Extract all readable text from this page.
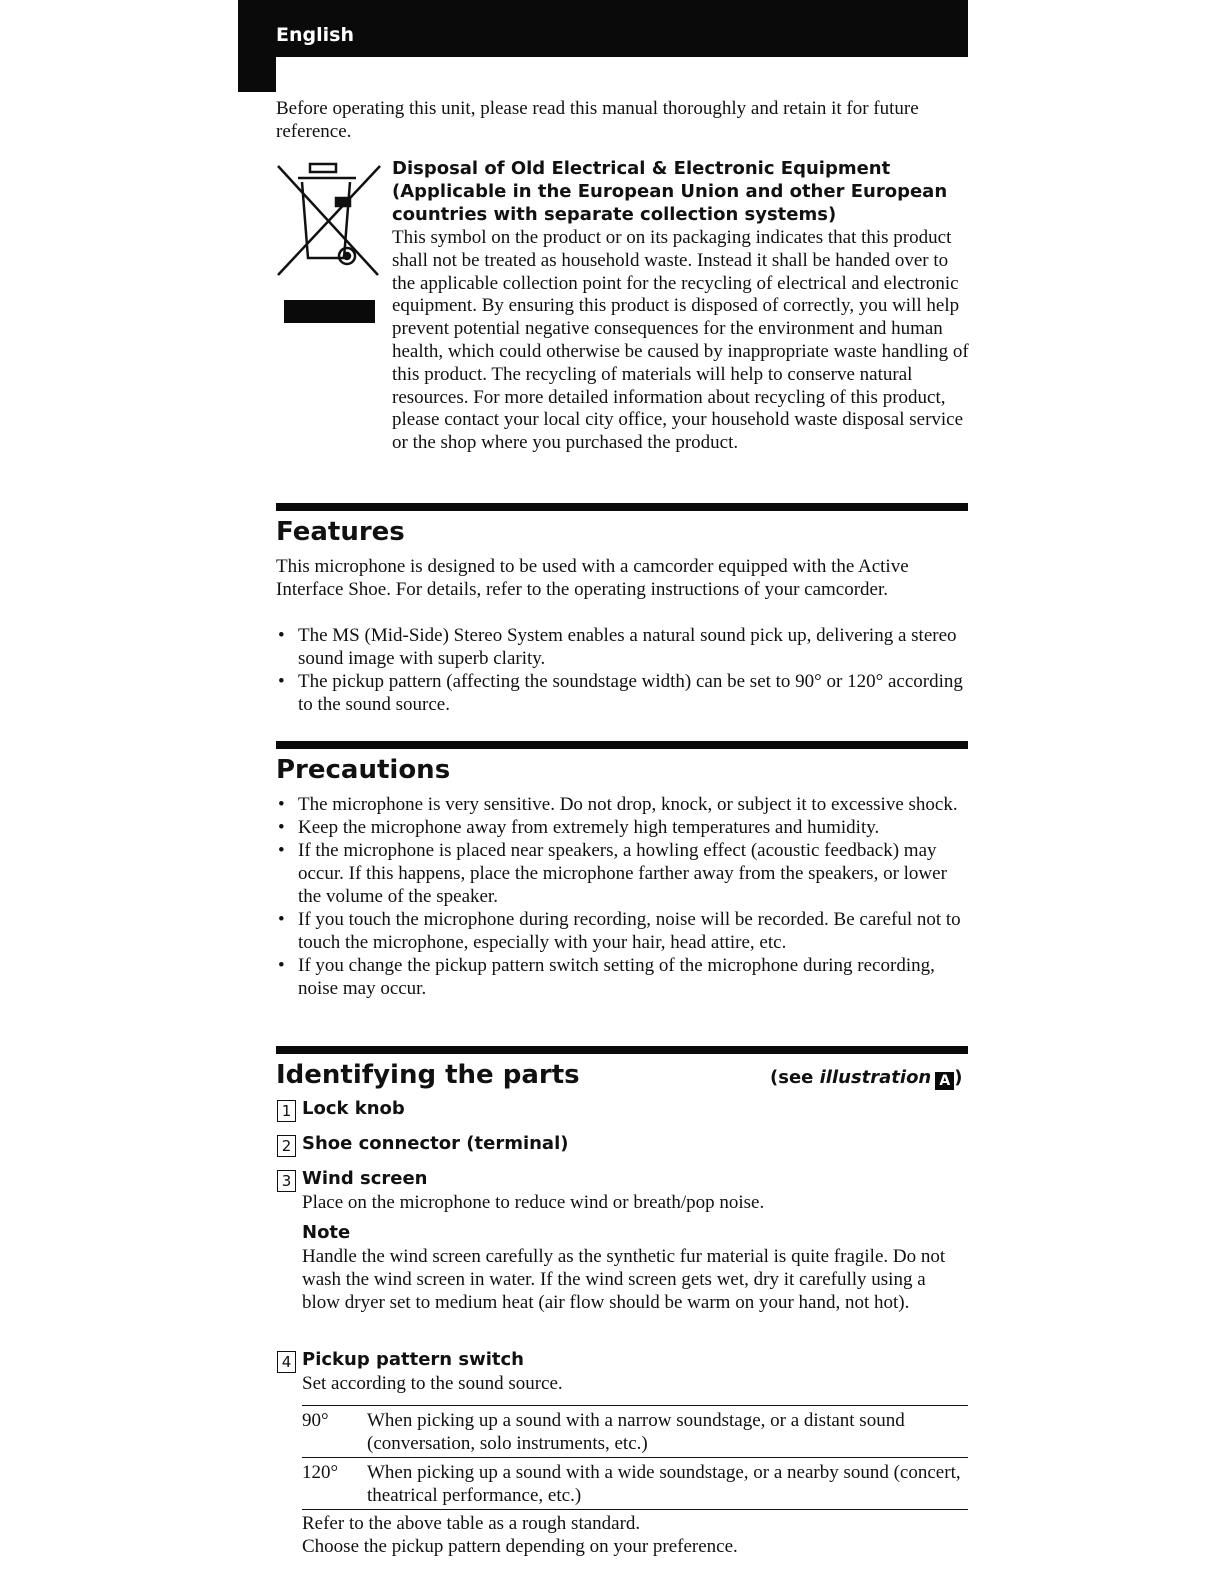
English

Before operating this unit, please read this manual thoroughly and retain it for future reference.

Disposal of Old Electrical & Electronic Equipment (Applicable in the European Union and other European countries with separate collection systems)
This symbol on the product or on its packaging indicates that this product shall not be treated as household waste. Instead it shall be handed over to the applicable collection point for the recycling of electrical and electronic equipment. By ensuring this product is disposed of correctly, you will help prevent potential negative consequences for the environment and human health, which could otherwise be caused by inappropriate waste handling of this product. The recycling of materials will help to conserve natural resources. For more detailed information about recycling of this product, please contact your local city office, your household waste disposal service or the shop where you purchased the product.
Features

This microphone is designed to be used with a camcorder equipped with the Active Interface Shoe. For details, refer to the operating instructions of your camcorder.

• The MS (Mid-Side) Stereo System enables a natural sound pick up, delivering a stereo sound image with superb clarity.
• The pickup pattern (affecting the soundstage width) can be set to 90° or 120° according to the sound source.
Precautions
• The microphone is very sensitive. Do not drop, knock, or subject it to excessive shock.
• Keep the microphone away from extremely high temperatures and humidity.
• If the microphone is placed near speakers, a howling effect (acoustic feedback) may occur. If this happens, place the microphone farther away from the speakers, or lower the volume of the speaker.
• If you touch the microphone during recording, noise will be recorded. Be careful not to touch the microphone, especially with your hair, head attire, etc.
• If you change the pickup pattern switch setting of the microphone during recording, noise may occur.
Identifying the parts	(see illustration A )
1 Lock knob
2 Shoe connector (terminal)
3 Wind screen
Place on the microphone to reduce wind or breath/pop noise.
Note
Handle the wind screen carefully as the synthetic fur material is quite fragile. Do not wash the wind screen in water. If the wind screen gets wet, dry it carefully using a blow dryer set to medium heat (air flow should be warm on your hand, not hot).
4 Pickup pattern switch
Set according to the sound source.
90°	When picking up a sound with a narrow soundstage, or a distant sound (conversation, solo instruments, etc.)
120°	When picking up a sound with a wide soundstage, or a nearby sound (concert, theatrical performance, etc.)
Refer to the above table as a rough standard.
Choose the pickup pattern depending on your preference.
